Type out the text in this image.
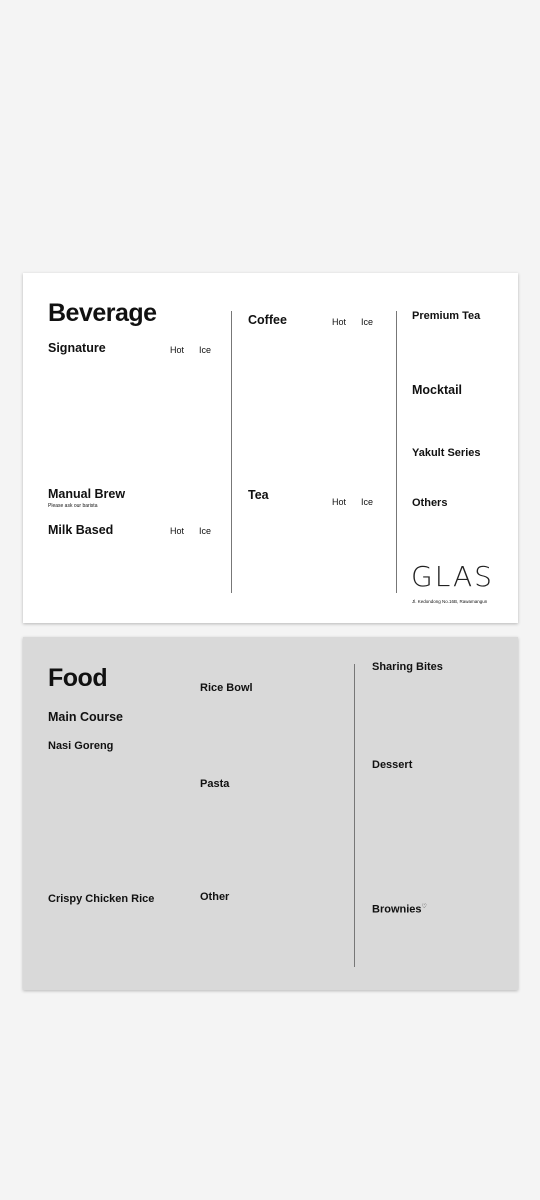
Beverage
Signature	Hot Ice
Manual Brew
Please ask our barista
Milk Based	Hot Ice
Coffee	Hot Ice
Tea	Hot Ice
Premium Tea
Mocktail
Yakult Series
Others
GLAS
Jl. Kedondong No.16B, Rawamangun
Food
Main Course
Nasi Goreng
Crispy Chicken Rice
Rice Bowl
Pasta
Other
Sharing Bites
Dessert
Brownies♡
